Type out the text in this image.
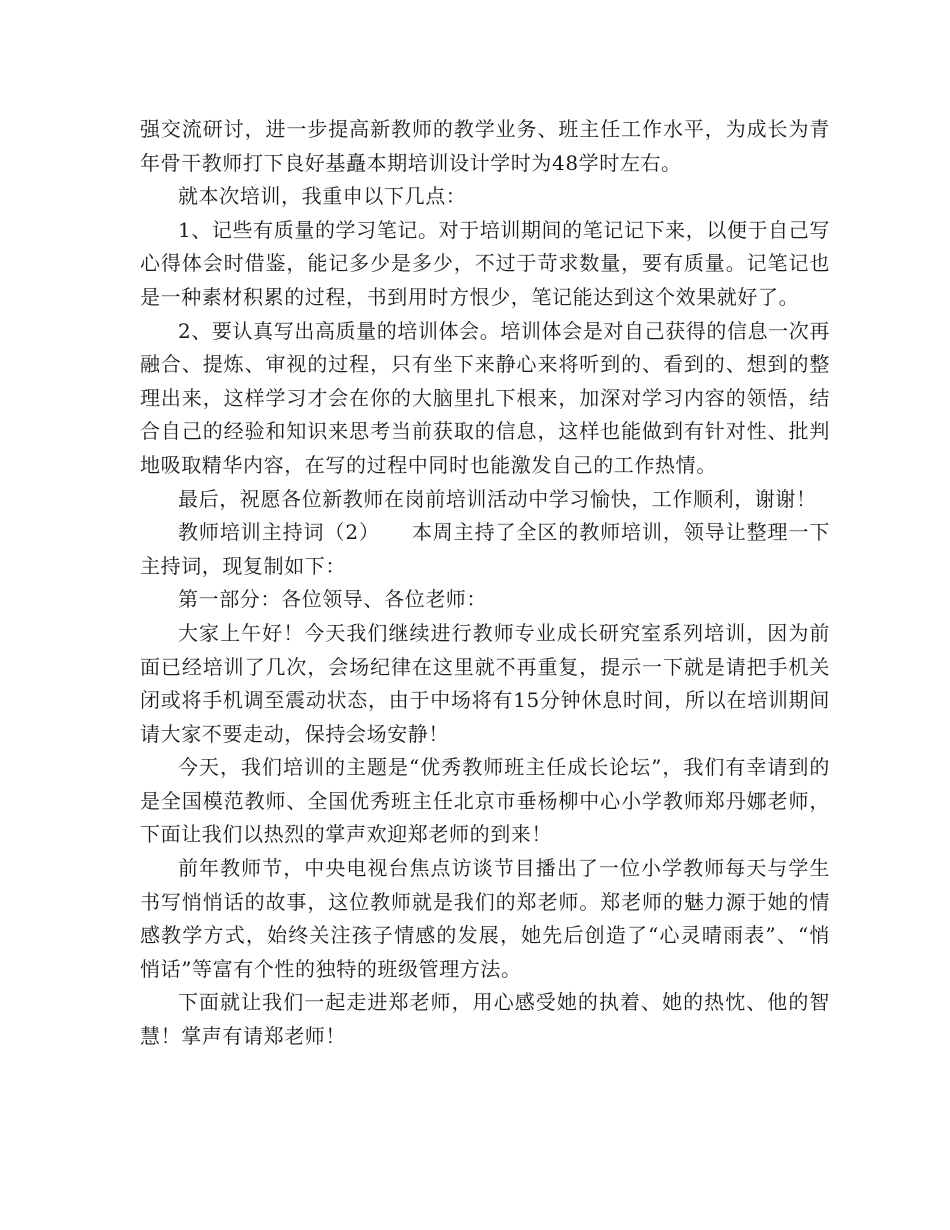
强交流研讨，进一步提高新教师的教学业务、班主任工作水平，为成长为青年骨干教师打下良好基矗本期培训设计学时为48学时左右。

就本次培训，我重申以下几点：

1、记些有质量的学习笔记。对于培训期间的笔记记下来，以便于自己写心得体会时借鉴，能记多少是多少，不过于苛求数量，要有质量。记笔记也是一种素材积累的过程，书到用时方恨少，笔记能达到这个效果就好了。

2、要认真写出高质量的培训体会。培训体会是对自己获得的信息一次再融合、提炼、审视的过程，只有坐下来静心来将听到的、看到的、想到的整理出来，这样学习才会在你的大脑里扎下根来，加深对学习内容的领悟，结合自己的经验和知识来思考当前获取的信息，这样也能做到有针对性、批判地吸取精华内容，在写的过程中同时也能激发自己的工作热情。

最后，祝愿各位新教师在岗前培训活动中学习愉快，工作顺利，谢谢！

教师培训主持词（2）　　本周主持了全区的教师培训，领导让整理一下主持词，现复制如下：

第一部分：各位领导、各位老师：

大家上午好！今天我们继续进行教师专业成长研究室系列培训，因为前面已经培训了几次，会场纪律在这里就不再重复，提示一下就是请把手机关闭或将手机调至震动状态，由于中场将有15分钟休息时间，所以在培训期间请大家不要走动，保持会场安静！

今天，我们培训的主题是“优秀教师班主任成长论坛”，我们有幸请到的是全国模范教师、全国优秀班主任北京市垂杨柳中心小学教师郑丹娜老师，下面让我们以热烈的掌声欢迎郑老师的到来！

前年教师节，中央电视台焦点访谈节目播出了一位小学教师每天与学生书写悄悄话的故事，这位教师就是我们的郑老师。郑老师的魅力源于她的情感教学方式，始终关注孩子情感的发展，她先后创造了“心灵晴雨表”、“悄悄话”等富有个性的独特的班级管理方法。

下面就让我们一起走进郑老师，用心感受她的执着、她的热忱、他的智慧！掌声有请郑老师！
